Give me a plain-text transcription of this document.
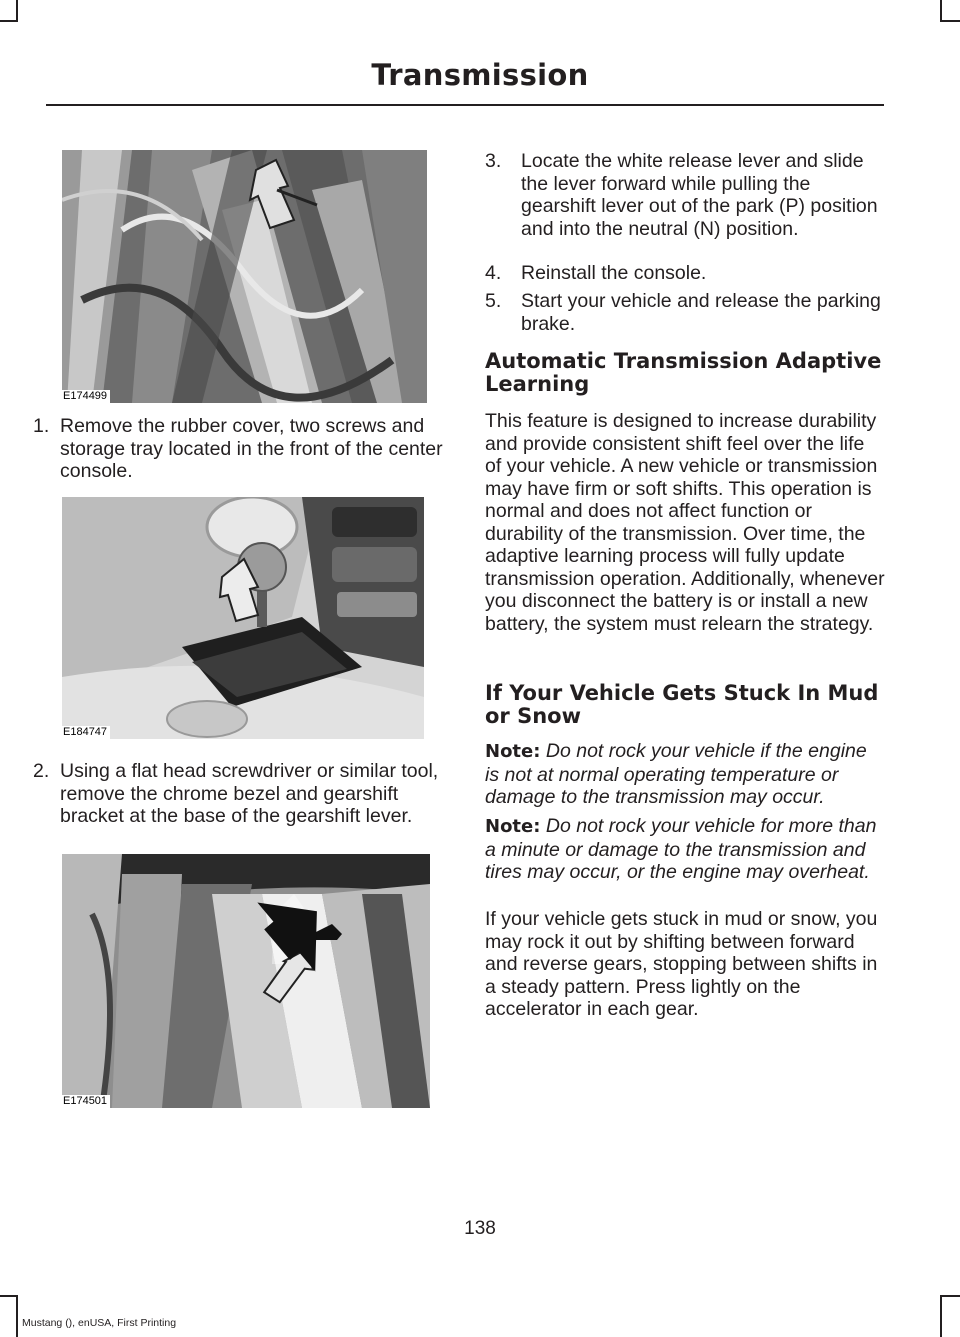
Transmission
E174499
1. Remove the rubber cover, two screws and storage tray located in the front of the center console.
E184747
2. Using a flat head screwdriver or similar tool, remove the chrome bezel and gearshift bracket at the base of the gearshift lever.
E174501
3. Locate the white release lever and slide the lever forward while pulling the gearshift lever out of the park (P) position and into the neutral (N) position.
4. Reinstall the console.
5. Start your vehicle and release the parking brake.
Automatic Transmission Adaptive Learning
This feature is designed to increase durability and provide consistent shift feel over the life of your vehicle. A new vehicle or transmission may have firm or soft shifts. This operation is normal and does not affect function or durability of the transmission. Over time, the adaptive learning process will fully update transmission operation. Additionally, whenever you disconnect the battery is or install a new battery, the system must relearn the strategy.
If Your Vehicle Gets Stuck In Mud or Snow
Note: Do not rock your vehicle if the engine is not at normal operating temperature or damage to the transmission may occur.
Note: Do not rock your vehicle for more than a minute or damage to the transmission and tires may occur, or the engine may overheat.
If your vehicle gets stuck in mud or snow, you may rock it out by shifting between forward and reverse gears, stopping between shifts in a steady pattern. Press lightly on the accelerator in each gear.
138
Mustang (), enUSA, First Printing
